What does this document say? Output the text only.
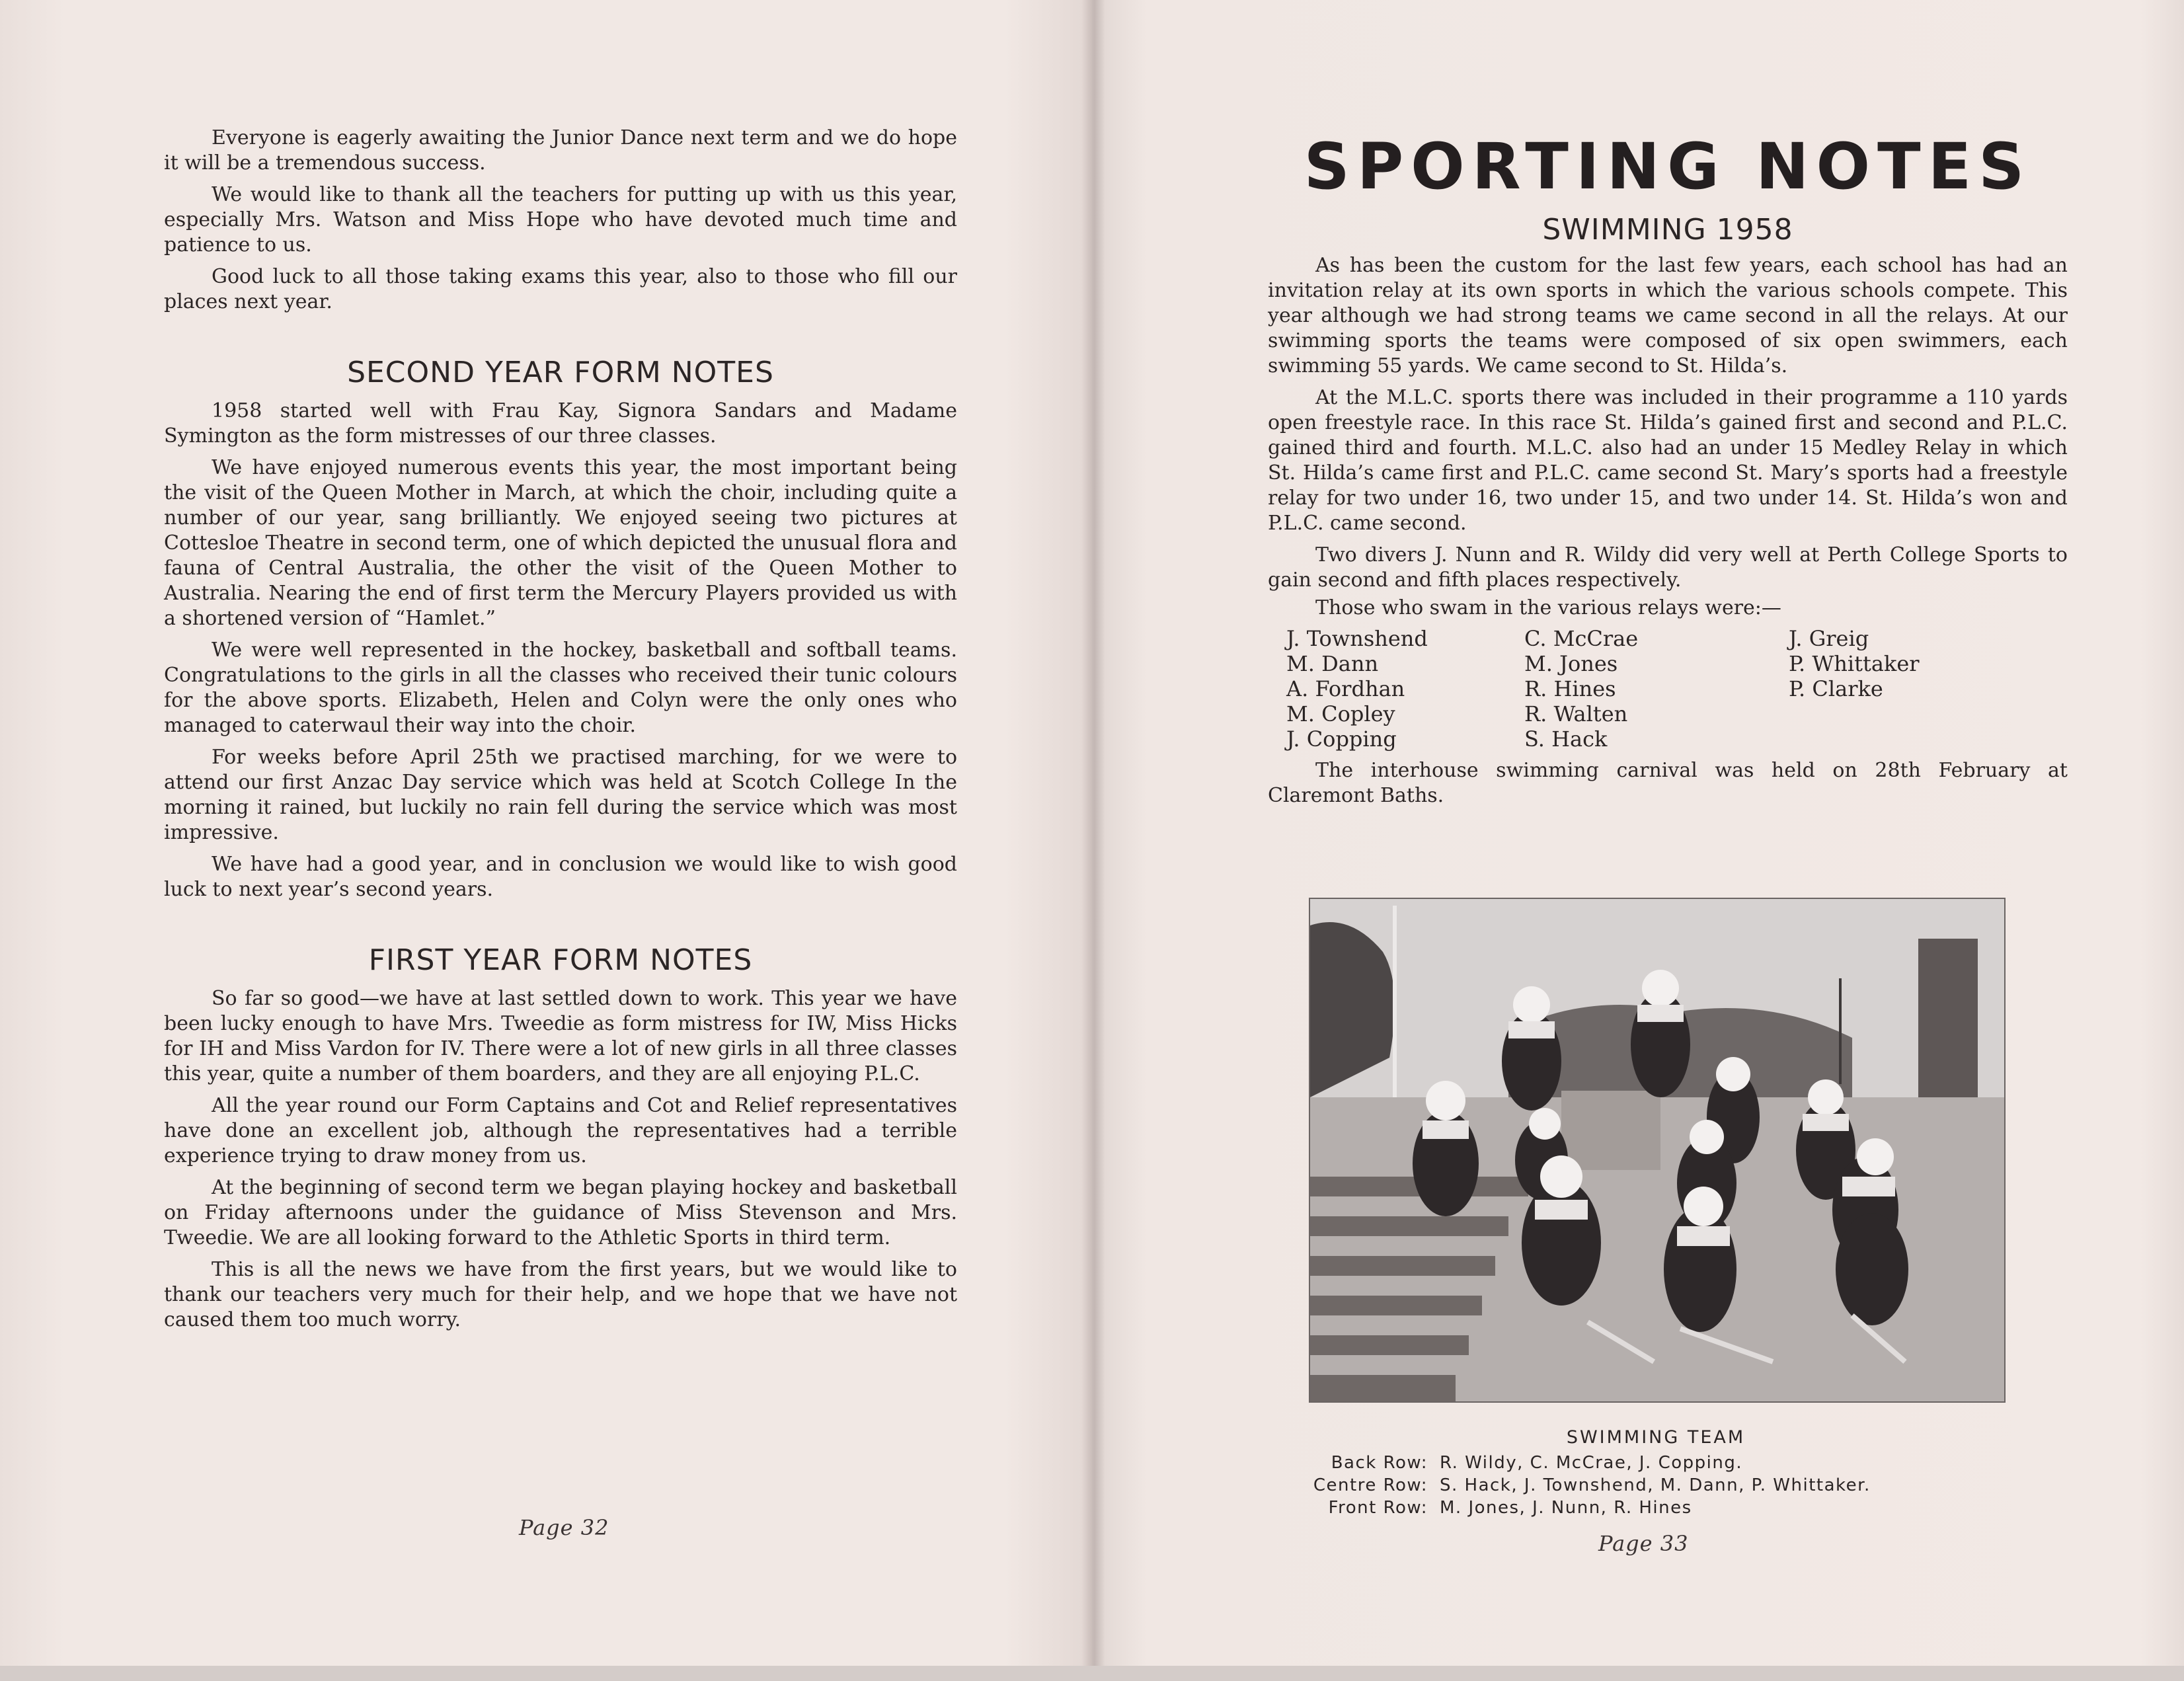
Everyone is eagerly awaiting the Junior Dance next term and we do hope it will be a tremendous success.

We would like to thank all the teachers for putting up with us this year, especially Mrs. Watson and Miss Hope who have devoted much time and patience to us.

Good luck to all those taking exams this year, also to those who fill our places next year.

SECOND YEAR FORM NOTES

1958 started well with Frau Kay, Signora Sandars and Madame Symington as the form mistresses of our three classes.

We have enjoyed numerous events this year, the most important being the visit of the Queen Mother in March, at which the choir, including quite a number of our year, sang brilliantly. We enjoyed seeing two pictures at Cottesloe Theatre in second term, one of which depicted the unusual flora and fauna of Central Australia, the other the visit of the Queen Mother to Australia. Nearing the end of first term the Mercury Players provided us with a shortened version of “Hamlet.”

We were well represented in the hockey, basketball and softball teams. Congratulations to the girls in all the classes who received their tunic colours for the above sports. Elizabeth, Helen and Colyn were the only ones who managed to caterwaul their way into the choir.

For weeks before April 25th we practised marching, for we were to attend our first Anzac Day service which was held at Scotch College In the morning it rained, but luckily no rain fell during the service which was most impressive.

We have had a good year, and in conclusion we would like to wish good luck to next year’s second years.

FIRST YEAR FORM NOTES

So far so good—we have at last settled down to work. This year we have been lucky enough to have Mrs. Tweedie as form mistress for IW, Miss Hicks for IH and Miss Vardon for IV. There were a lot of new girls in all three classes this year, quite a number of them boarders, and they are all enjoying P.L.C.

All the year round our Form Captains and Cot and Relief representatives have done an excellent job, although the representatives had a terrible experience trying to draw money from us.

At the beginning of second term we began playing hockey and basketball on Friday afternoons under the guidance of Miss Stevenson and Mrs. Tweedie. We are all looking forward to the Athletic Sports in third term.

This is all the news we have from the first years, but we would like to thank our teachers very much for their help, and we hope that we have not caused them too much worry.

Page 32
Page 33
SPORTING NOTES
SWIMMING 1958

As has been the custom for the last few years, each school has had an invitation relay at its own sports in which the various schools compete. This year although we had strong teams we came second in all the relays. At our swimming sports the teams were composed of six open swimmers, each swimming 55 yards. We came second to St. Hilda’s.

At the M.L.C. sports there was included in their programme a 110 yards open freestyle race. In this race St. Hilda’s gained first and second and P.L.C. gained third and fourth. M.L.C. also had an under 15 Medley Relay in which St. Hilda’s came first and P.L.C. came second St. Mary’s sports had a freestyle relay for two under 16, two under 15, and two under 14. St. Hilda’s won and P.L.C. came second.

Two divers J. Nunn and R. Wildy did very well at Perth College Sports to gain second and fifth places respectively.

Those who swam in the various relays were:—

J. Townshend
M. Dann
A. Fordhan
M. Copley
J. Copping
C. McCrae
M. Jones
R. Hines
R. Walten
S. Hack
J. Greig
P. Whittaker
P. Clarke

The interhouse swimming carnival was held on 28th February at Claremont Baths.

SWIMMING TEAM
Back Row: R. Wildy, C. McCrae, J. Copping.
Centre Row: S. Hack, J. Townshend, M. Dann, P. Whittaker.
Front Row: M. Jones, J. Nunn, R. Hines
